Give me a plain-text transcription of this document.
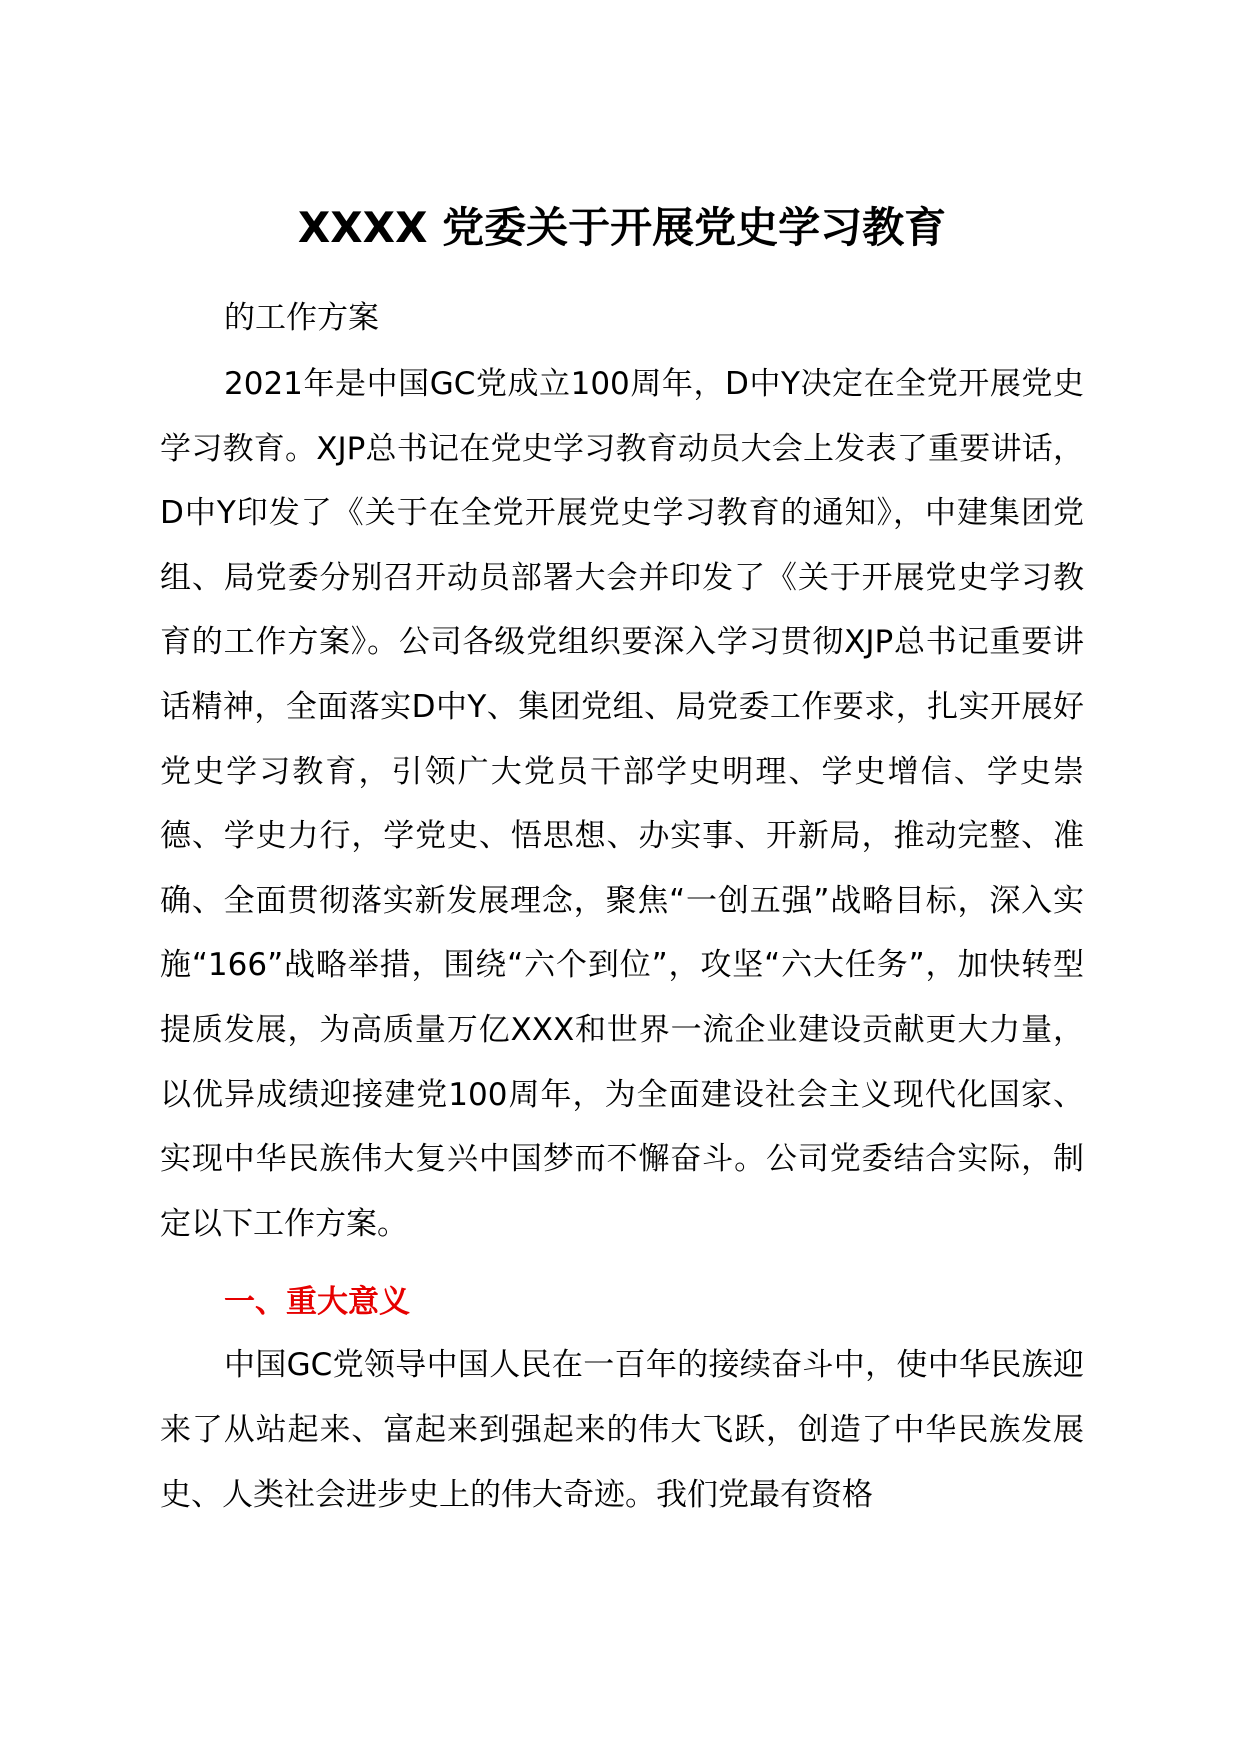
XXXX 党委关于开展党史学习教育

的工作方案

2021年是中国GC党成立100周年，D中Y决定在全党开展党史学习教育。XJP总书记在党史学习教育动员大会上发表了重要讲话，D中Y印发了《关于在全党开展党史学习教育的通知》，中建集团党组、局党委分别召开动员部署大会并印发了《关于开展党史学习教育的工作方案》。公司各级党组织要深入学习贯彻XJP总书记重要讲话精神，全面落实D中Y、集团党组、局党委工作要求，扎实开展好党史学习教育，引领广大党员干部学史明理、学史增信、学史崇德、学史力行，学党史、悟思想、办实事、开新局，推动完整、准确、全面贯彻落实新发展理念，聚焦“一创五强”战略目标，深入实施“166”战略举措，围绕“六个到位”，攻坚“六大任务”，加快转型提质发展，为高质量万亿XXX和世界一流企业建设贡献更大力量，以优异成绩迎接建党100周年，为全面建设社会主义现代化国家、实现中华民族伟大复兴中国梦而不懈奋斗。公司党委结合实际，制定以下工作方案。

一、重大意义

中国GC党领导中国人民在一百年的接续奋斗中，使中华民族迎来了从站起来、富起来到强起来的伟大飞跃，创造了中华民族发展史、人类社会进步史上的伟大奇迹。我们党最有资格
